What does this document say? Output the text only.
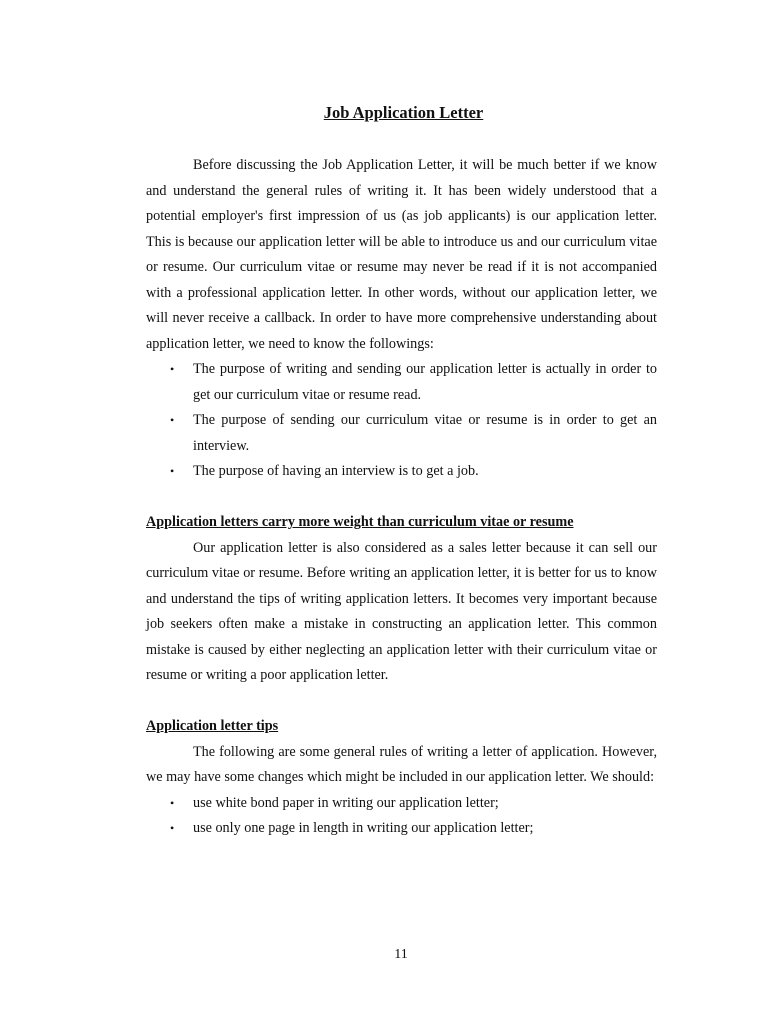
Job Application Letter

Before discussing the Job Application Letter, it will be much better if we know and understand the general rules of writing it. It has been widely understood that a potential employer's first impression of us (as job applicants) is our application letter. This is because our application letter will be able to introduce us and our curriculum vitae or resume. Our curriculum vitae or resume may never be read if it is not accompanied with a professional application letter. In other words, without our application letter, we will never receive a callback. In order to have more comprehensive understanding about application letter, we need to know the followings:

• The purpose of writing and sending our application letter is actually in order to get our curriculum vitae or resume read.
• The purpose of sending our curriculum vitae or resume is in order to get an interview.
• The purpose of having an interview is to get a job.
Application letters carry more weight than curriculum vitae or resume

Our application letter is also considered as a sales letter because it can sell our curriculum vitae or resume. Before writing an application letter, it is better for us to know and understand the tips of writing application letters. It becomes very important because job seekers often make a mistake in constructing an application letter. This common mistake is caused by either neglecting an application letter with their curriculum vitae or resume or writing a poor application letter.

Application letter tips

The following are some general rules of writing a letter of application. However, we may have some changes which might be included in our application letter. We should:

• use white bond paper in writing our application letter;
• use only one page in length in writing our application letter;
11
